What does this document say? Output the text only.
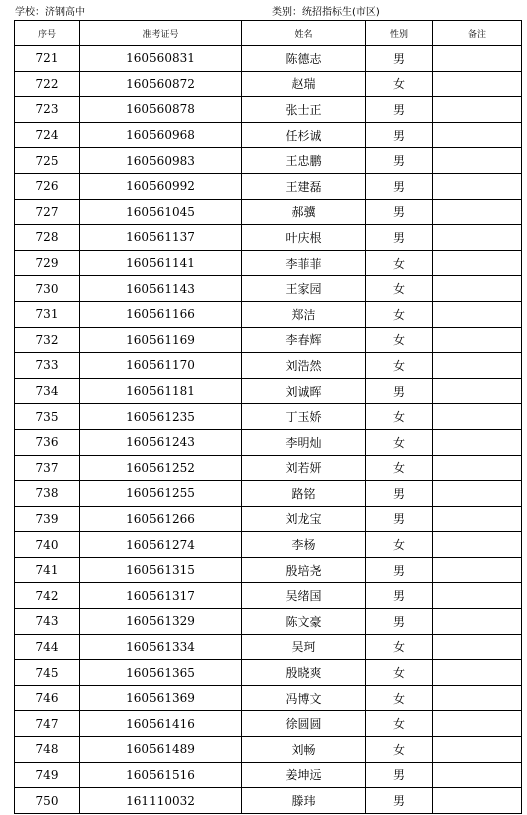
学校：济钢高中	类别：统招指标生(市区)
序号	准考证号	姓名	性别	备注
721	160560831	陈德志	男	
722	160560872	赵瑞	女	
723	160560878	张士正	男	
724	160560968	任杉诚	男	
725	160560983	王忠鹏	男	
726	160560992	王建磊	男	
727	160561045	郝骥	男	
728	160561137	叶庆根	男	
729	160561141	李菲菲	女	
730	160561143	王家园	女	
731	160561166	郑洁	女	
732	160561169	李春辉	女	
733	160561170	刘浩然	女	
734	160561181	刘诚晖	男	
735	160561235	丁玉娇	女	
736	160561243	李明灿	女	
737	160561252	刘若妍	女	
738	160561255	路铭	男	
739	160561266	刘龙宝	男	
740	160561274	李杨	女	
741	160561315	殷培尧	男	
742	160561317	吴绪国	男	
743	160561329	陈文豪	男	
744	160561334	吴珂	女	
745	160561365	殷晓爽	女	
746	160561369	冯博文	女	
747	160561416	徐圆圆	女	
748	160561489	刘畅	女	
749	160561516	姜坤远	男	
750	161110032	滕玮	男	
